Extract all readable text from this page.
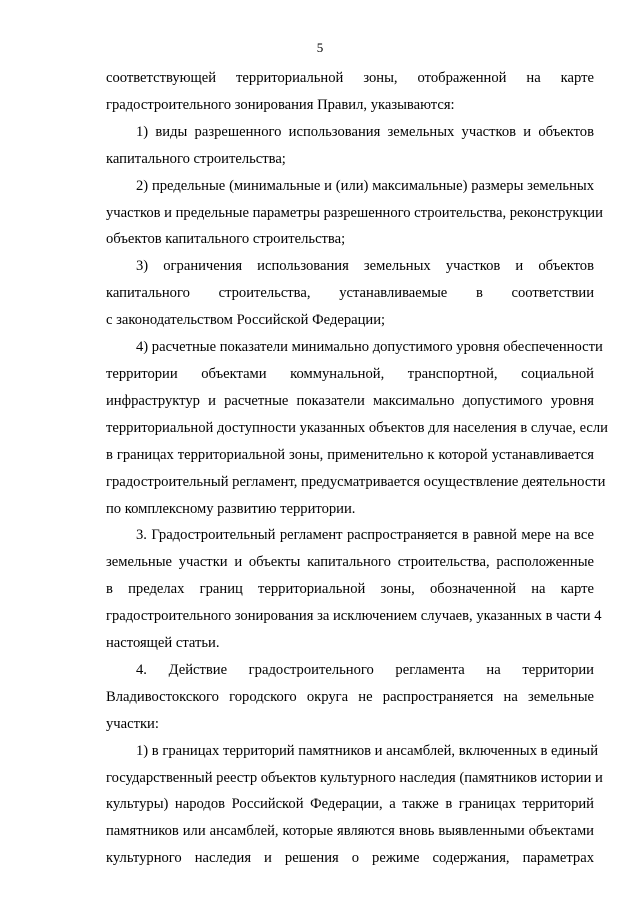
5
соответствующей территориальной зоны, отображенной на карте
градостроительного зонирования Правил, указываются:
1) виды разрешенного использования земельных участков и объектов
капитального строительства;
2) предельные (минимальные и (или) максимальные) размеры земельных
участков и предельные параметры разрешенного строительства, реконструкции
объектов капитального строительства;
3) ограничения использования земельных участков и объектов
капитального строительства, устанавливаемые в соответствии
с законодательством Российской Федерации;
4) расчетные показатели минимально допустимого уровня обеспеченности
территории объектами коммунальной, транспортной, социальной
инфраструктур и расчетные показатели максимально допустимого уровня
территориальной доступности указанных объектов для населения в случае, если
в границах территориальной зоны, применительно к которой устанавливается
градостроительный регламент, предусматривается осуществление деятельности
по комплексному развитию территории.
3. Градостроительный регламент распространяется в равной мере на все
земельные участки и объекты капитального строительства, расположенные
в пределах границ территориальной зоны, обозначенной на карте
градостроительного зонирования за исключением случаев, указанных в части 4
настоящей статьи.
4. Действие градостроительного регламента на территории
Владивостокского городского округа не распространяется на земельные
участки:
1) в границах территорий памятников и ансамблей, включенных в единый
государственный реестр объектов культурного наследия (памятников истории и
культуры) народов Российской Федерации, а также в границах территорий
памятников или ансамблей, которые являются вновь выявленными объектами
культурного наследия и решения о режиме содержания, параметрах
